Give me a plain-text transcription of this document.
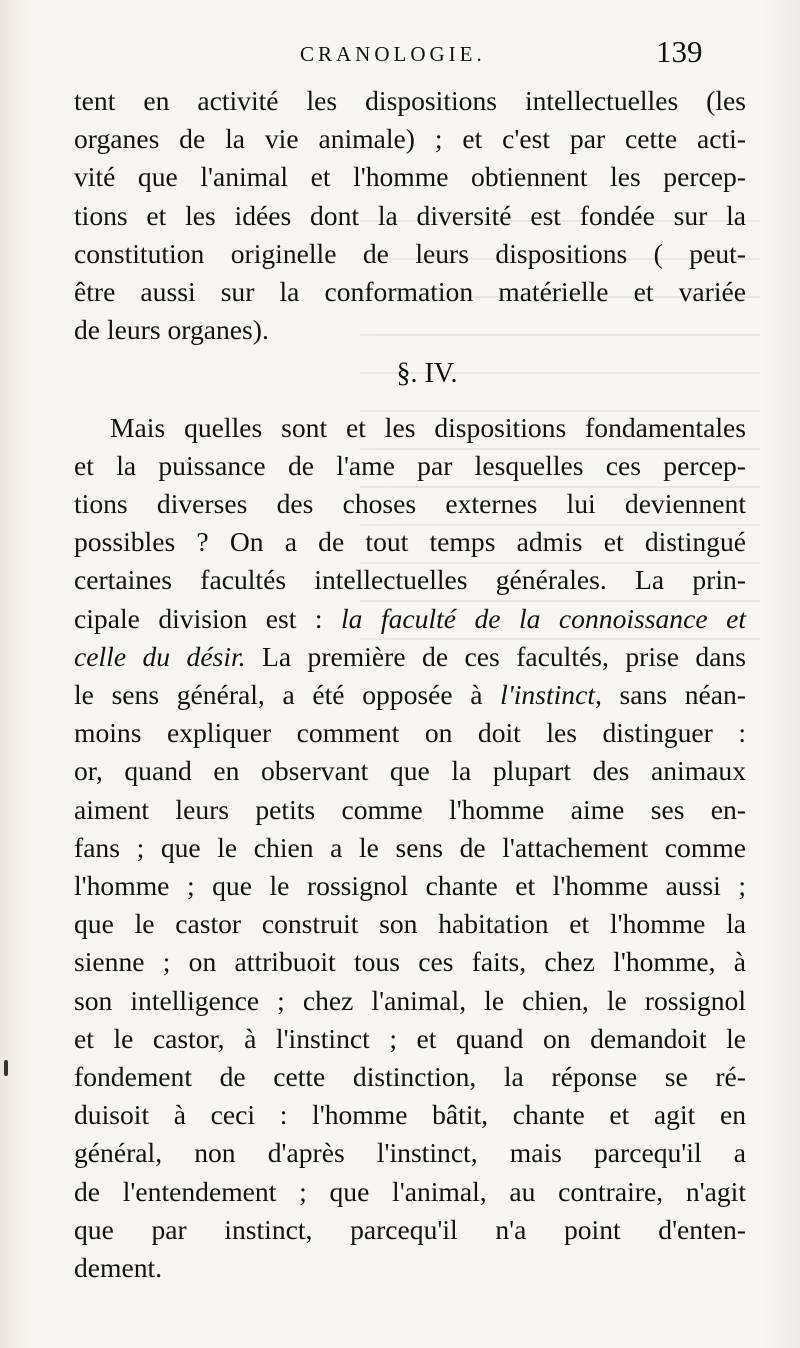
CRANOLOGIE.	139

tent en activité les dispositions intellectuelles (les
organes de la vie animale) ; et c'est par cette acti-
vité que l'animal et l'homme obtiennent les percep-
tions et les idées dont la diversité est fondée sur la
constitution originelle de leurs dispositions ( peut-
être aussi sur la conformation matérielle et variée
de leurs organes).

§. IV.

Mais quelles sont et les dispositions fondamentales
et la puissance de l'ame par lesquelles ces percep-
tions diverses des choses externes lui deviennent
possibles ? On a de tout temps admis et distingué
certaines facultés intellectuelles générales. La prin-
cipale division est : la faculté de la connoissance et
celle du désir. La première de ces facultés, prise dans
le sens général, a été opposée à l'instinct, sans néan-
moins expliquer comment on doit les distinguer :
or, quand en observant que la plupart des animaux
aiment leurs petits comme l'homme aime ses en-
fans ; que le chien a le sens de l'attachement comme
l'homme ; que le rossignol chante et l'homme aussi ;
que le castor construit son habitation et l'homme la
sienne ; on attribuoit tous ces faits, chez l'homme, à
son intelligence ; chez l'animal, le chien, le rossignol
et le castor, à l'instinct ; et quand on demandoit le
fondement de cette distinction, la réponse se ré-
duisoit à ceci : l'homme bâtit, chante et agit en
général, non d'après l'instinct, mais parcequ'il a
de l'entendement ; que l'animal, au contraire, n'agit
que par instinct, parcequ'il n'a point d'enten-
dement.
